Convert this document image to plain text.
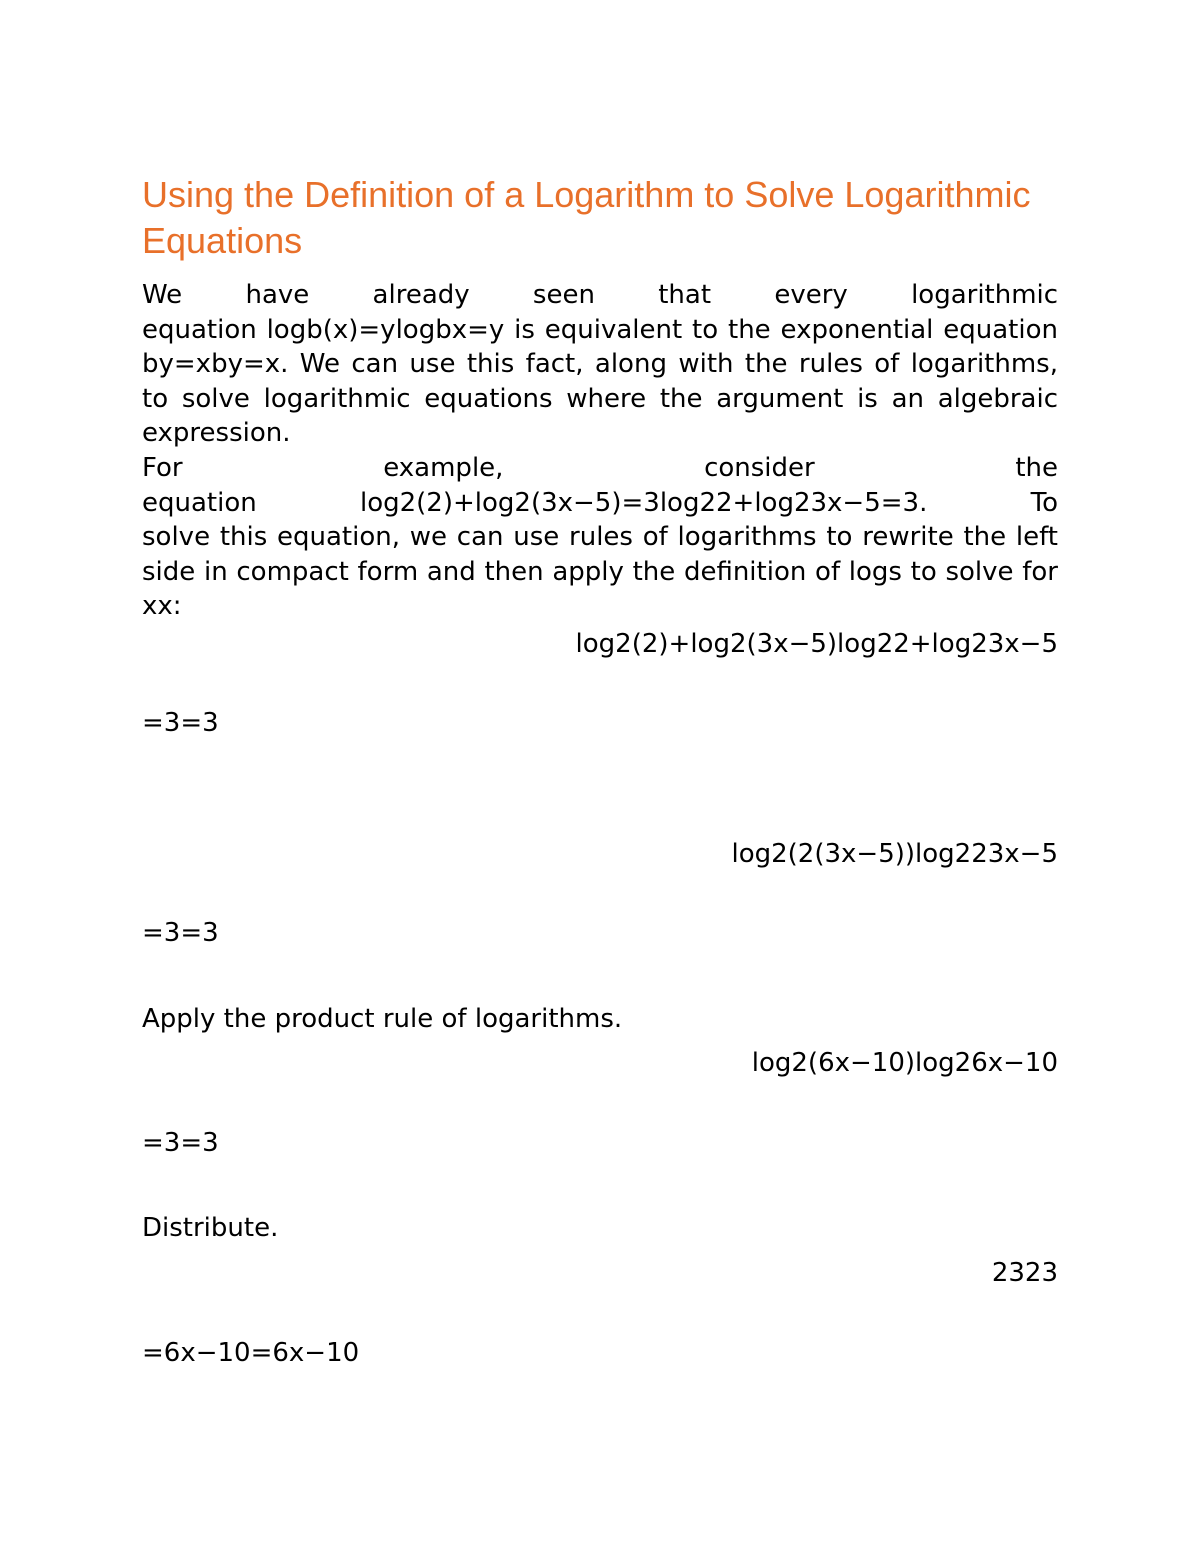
Using the Definition of a Logarithm to Solve Logarithmic Equations
We have already seen that every logarithmic
equation logb(x)=ylogbx=y is equivalent to the exponential equation by=xby=x. We can use this fact, along with the rules of logarithms, to solve logarithmic equations where the argument is an algebraic expression.
For	example,	consider	the
equation log2(2)+log2(3x−5)=3log22+log23x−5=3.	To
solve this equation, we can use rules of logarithms to rewrite the left side in compact form and then apply the definition of logs to solve for xx:
log2(2)+log2(3x−5)log22+log23x−5
=3=3
log2(2(3x−5))log223x−5
=3=3
Apply the product rule of logarithms.
log2(6x−10)log26x−10
=3=3
Distribute.
2323
=6x−10=6x−10
